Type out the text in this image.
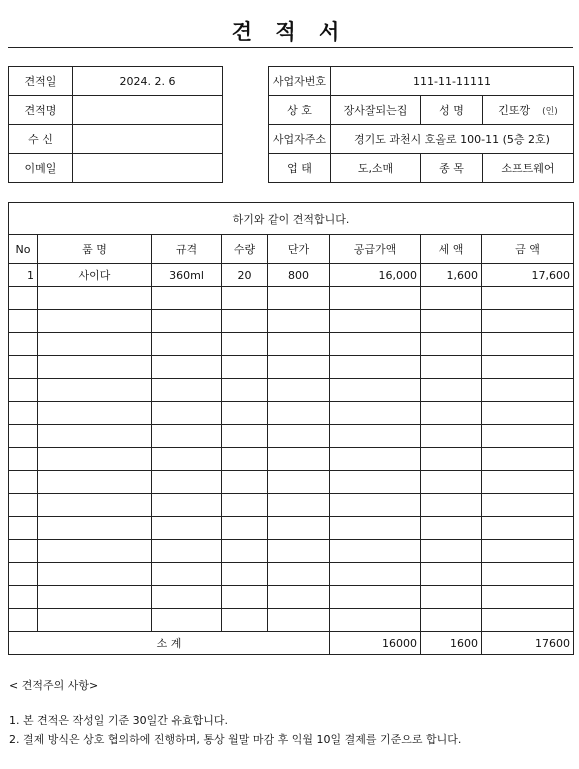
견 적 서
견적일	2024. 2. 6
견적명	
수 신	
이메일	
사업자번호	111-11-11111		
상 호	장사잘되는집	성 명	긴또깡 (인)
사업자주소	경기도 과천시 호올로 100-11 (5층 2호)		
업 태	도,소매	종 목	소프트웨어
하기와 같이 견적합니다.							
No	품 명	규격	수량	단가	공급가액	세 액	금 액
1	사이다	360ml	20	800	16,000	1,600	17,600

소 계					16000	1600	17600
< 견적주의 사항>
1. 본 견적은 작성일 기준 30일간 유효합니다.
2. 결제 방식은 상호 협의하에 진행하며, 통상 월말 마감 후 익월 10일 결제를 기준으로 합니다.
